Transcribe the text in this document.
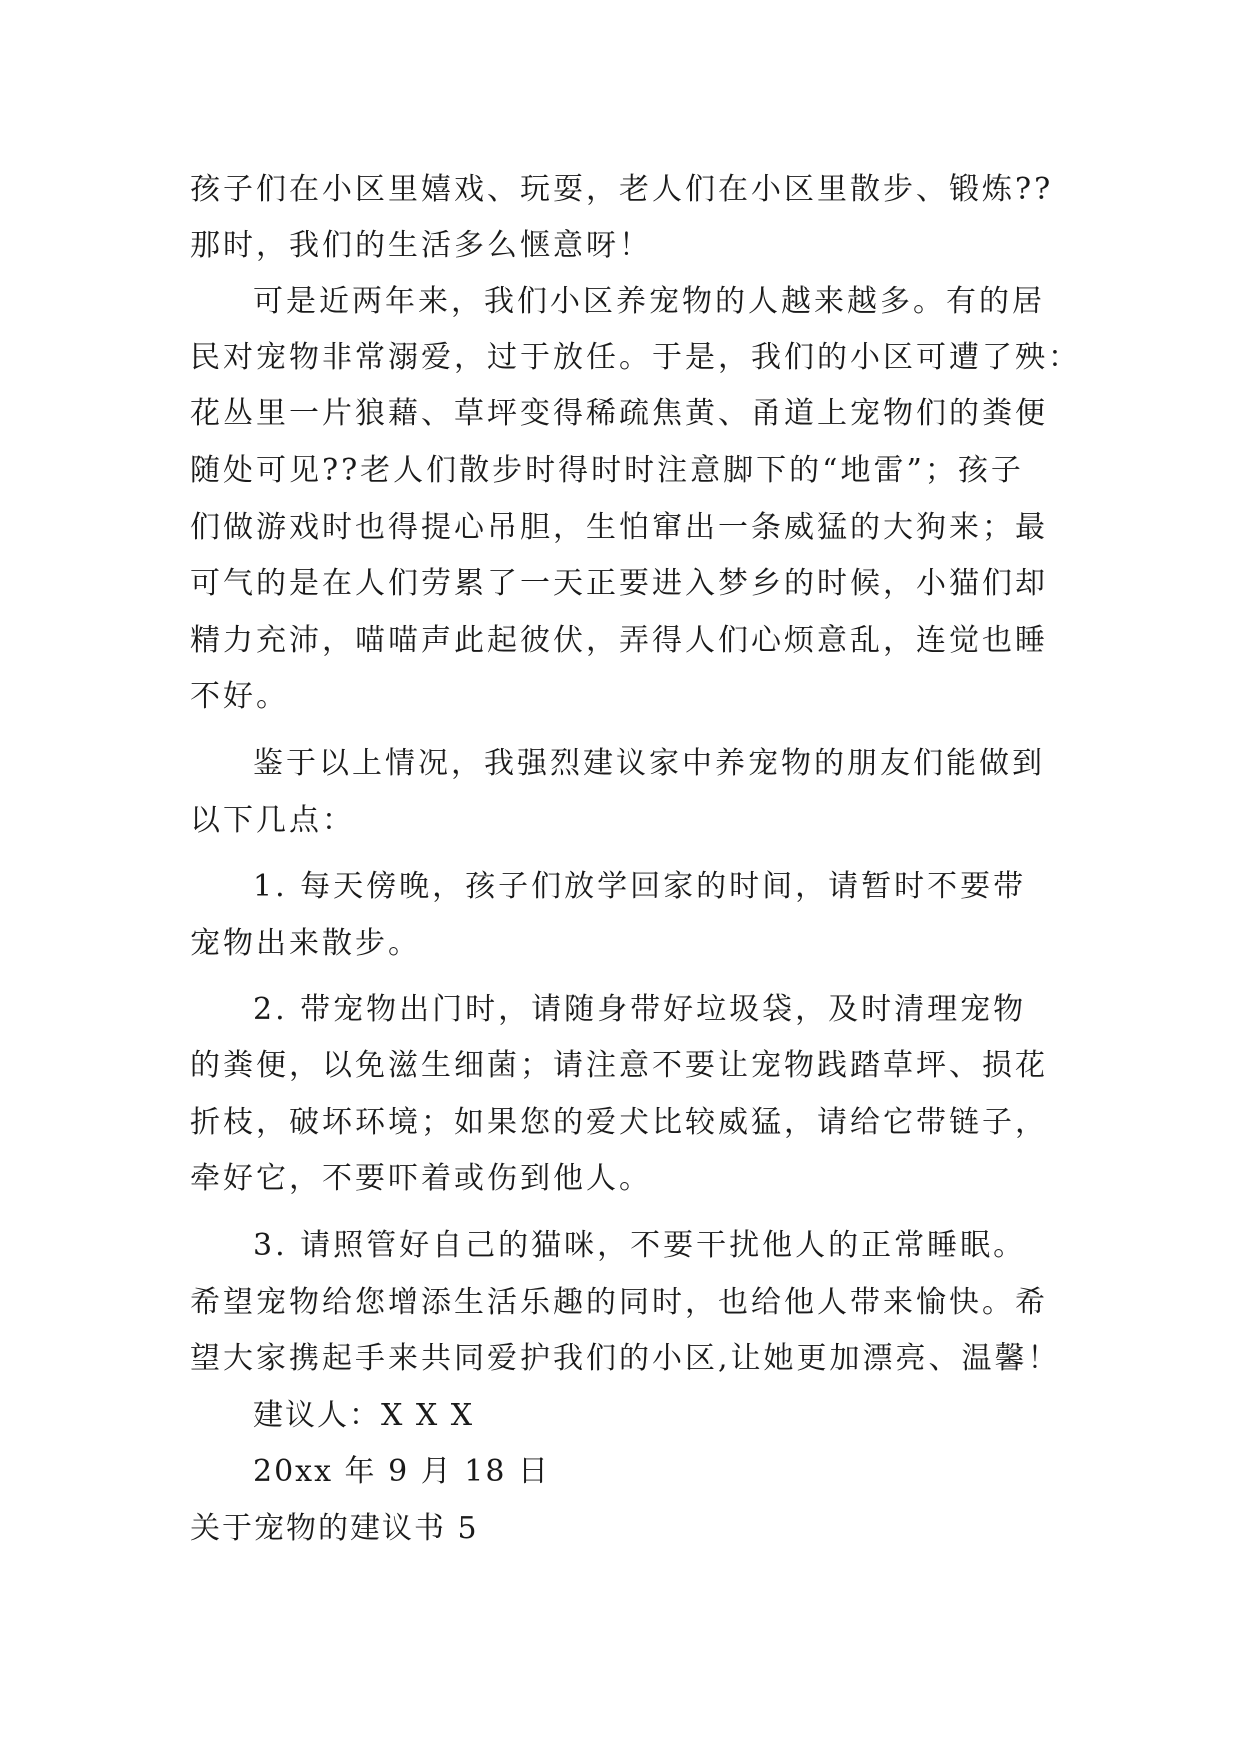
孩子们在小区里嬉戏、玩耍，老人们在小区里散步、锻炼??
那时，我们的生活多么惬意呀！
可是近两年来，我们小区养宠物的人越来越多。有的居
民对宠物非常溺爱，过于放任。于是，我们的小区可遭了殃：
花丛里一片狼藉、草坪变得稀疏焦黄、甬道上宠物们的粪便
随处可见??老人们散步时得时时注意脚下的“地雷”；孩子
们做游戏时也得提心吊胆，生怕窜出一条威猛的大狗来；最
可气的是在人们劳累了一天正要进入梦乡的时候，小猫们却
精力充沛，喵喵声此起彼伏，弄得人们心烦意乱，连觉也睡
不好。
鉴于以上情况，我强烈建议家中养宠物的朋友们能做到
以下几点：
1. 每天傍晚，孩子们放学回家的时间，请暂时不要带
宠物出来散步。
2. 带宠物出门时，请随身带好垃圾袋，及时清理宠物
的粪便，以免滋生细菌；请注意不要让宠物践踏草坪、损花
折枝，破坏环境；如果您的爱犬比较威猛，请给它带链子，
牵好它，不要吓着或伤到他人。
3. 请照管好自己的猫咪，不要干扰他人的正常睡眠。
希望宠物给您增添生活乐趣的同时，也给他人带来愉快。希
望大家携起手来共同爱护我们的小区,让她更加漂亮、温馨！
建议人：X X X
20xx 年 9 月 18 日
关于宠物的建议书 5
